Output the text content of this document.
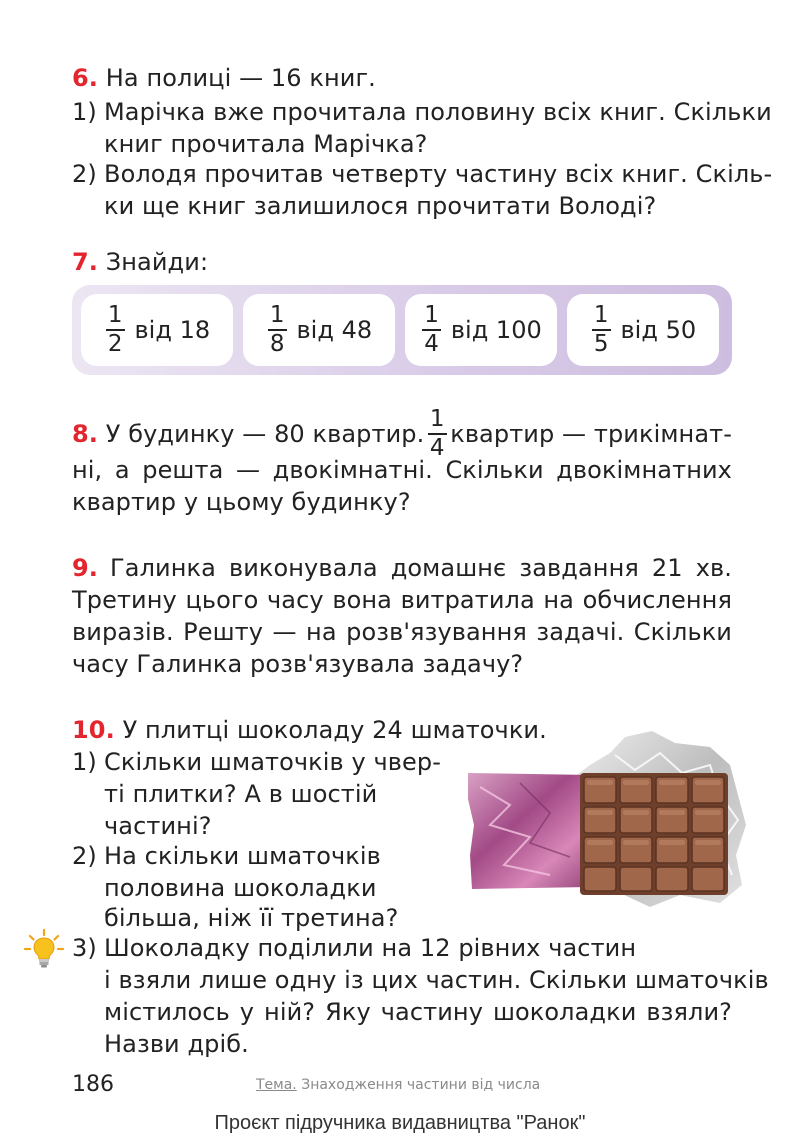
6. На полиці — 16 книг.
1) Марічка вже прочитала половину всіх книг. Скільки
книг прочитала Марічка?
2) Володя прочитав четверту частину всіх книг. Скіль-
ки ще книг залишилося прочитати Володі?
7. Знайди:
$\frac{1}{2}$ від 18	$\frac{1}{8}$ від $48 \frac{1}{4}$ від $100 \frac{1}{5}$ від 50
8. У будинку — 80 квартир. $\frac{1}{4}$ квартир — трикімнат-
ні, а решта — двокімнатні. Скільки двокімнатних
квартир у цьому будинку?
9. Галинка виконувала домашнє завдання 21 хв.
Третину цього часу вона витратила на обчислення
виразів. Решту — на розв'язування задачі. Скільки
часу Галинка розв'язувала задачу?
10. У плитці шоколаду 24 шматочки.
1) Скільки шматочків у чвер-
ті плитки? А в шостій
частині?
2) На скільки шматочків
половина шоколадки
більша, ніж її третина?
3) Шоколадку поділили на 12 рівних частин
і взяли лише одну із цих частин. Скільки шматочків
містилось у ній? Яку частину шоколадки взяли?
Назви дріб.
186	Тема. Знаходження частини від числа
Проєкт підручника видавництва "Ранок"
